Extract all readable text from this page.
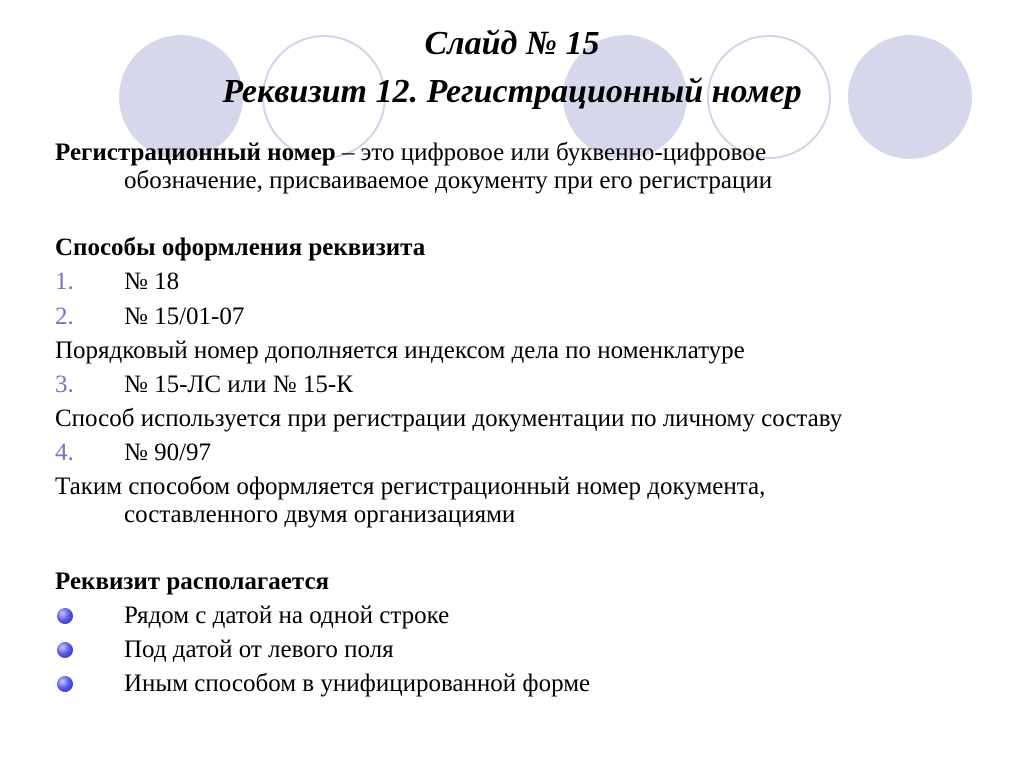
Слайд № 15
Реквизит 12. Регистрационный номер
Регистрационный номер – это цифровое или буквенно-цифровое
обозначение, присваиваемое документу при его регистрации
Способы оформления реквизита
1. № 18
2. № 15/01-07
Порядковый номер дополняется индексом дела по номенклатуре
3. № 15-ЛС или № 15-К
Способ используется при регистрации документации по личному составу
4. № 90/97
Таким способом оформляется регистрационный номер документа,
составленного двумя организациями
Реквизит располагается
Рядом с датой на одной строке
Под датой от левого поля
Иным способом в унифицированной форме
